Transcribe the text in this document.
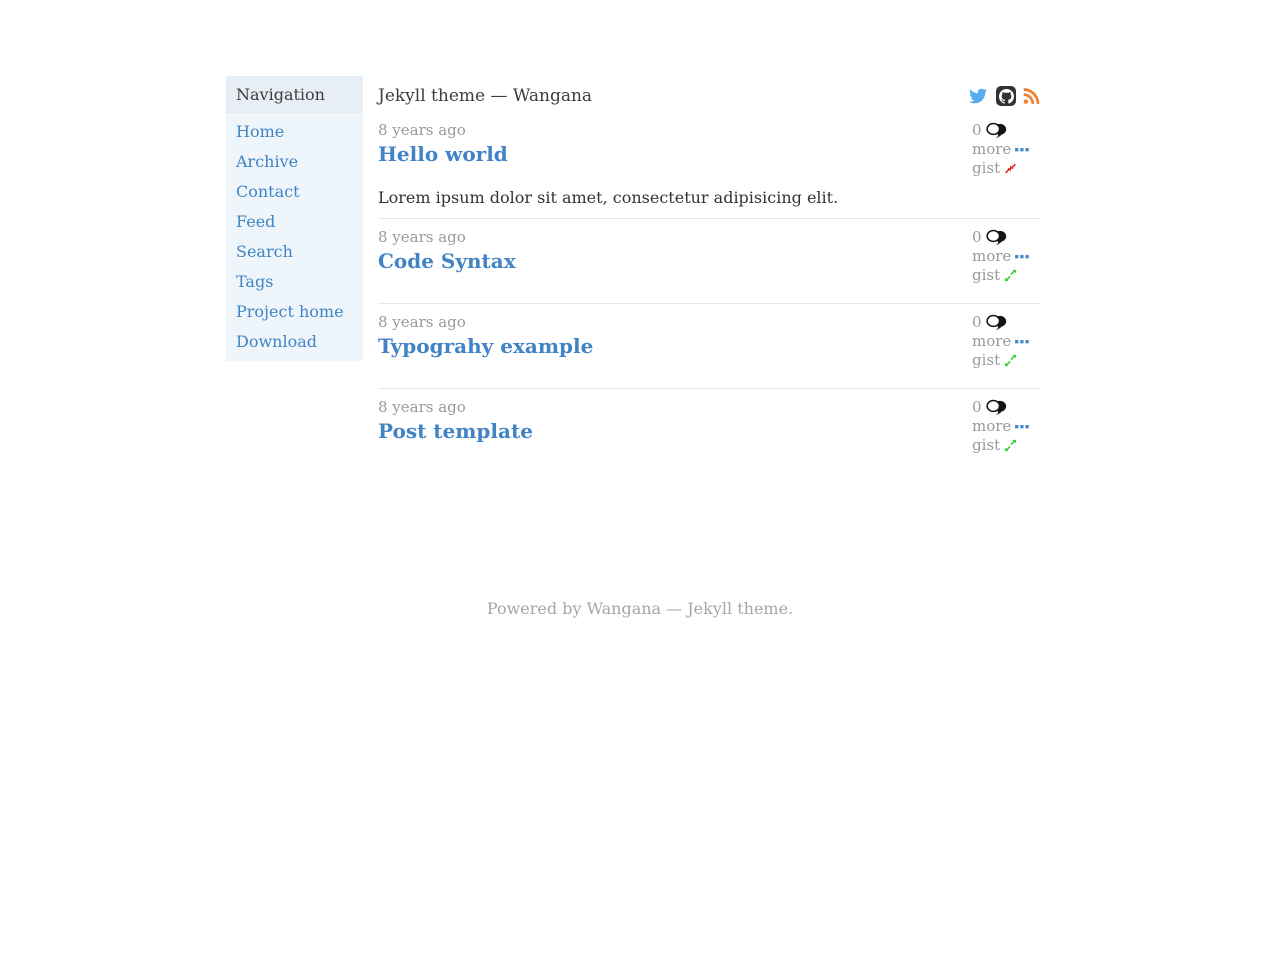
Navigation
Home
Archive
Contact
Feed
Search
Tags
Project home
Download
Jekyll theme — Wangana
8 years ago
Hello world

Lorem ipsum dolor sit amet, consectetur adipisicing elit.

0
more
gist
8 years ago
Code Syntax
0
more
gist
8 years ago
Typograhy example
0
more
gist
8 years ago
Post template
0
more
gist
Powered by Wangana — Jekyll theme.
